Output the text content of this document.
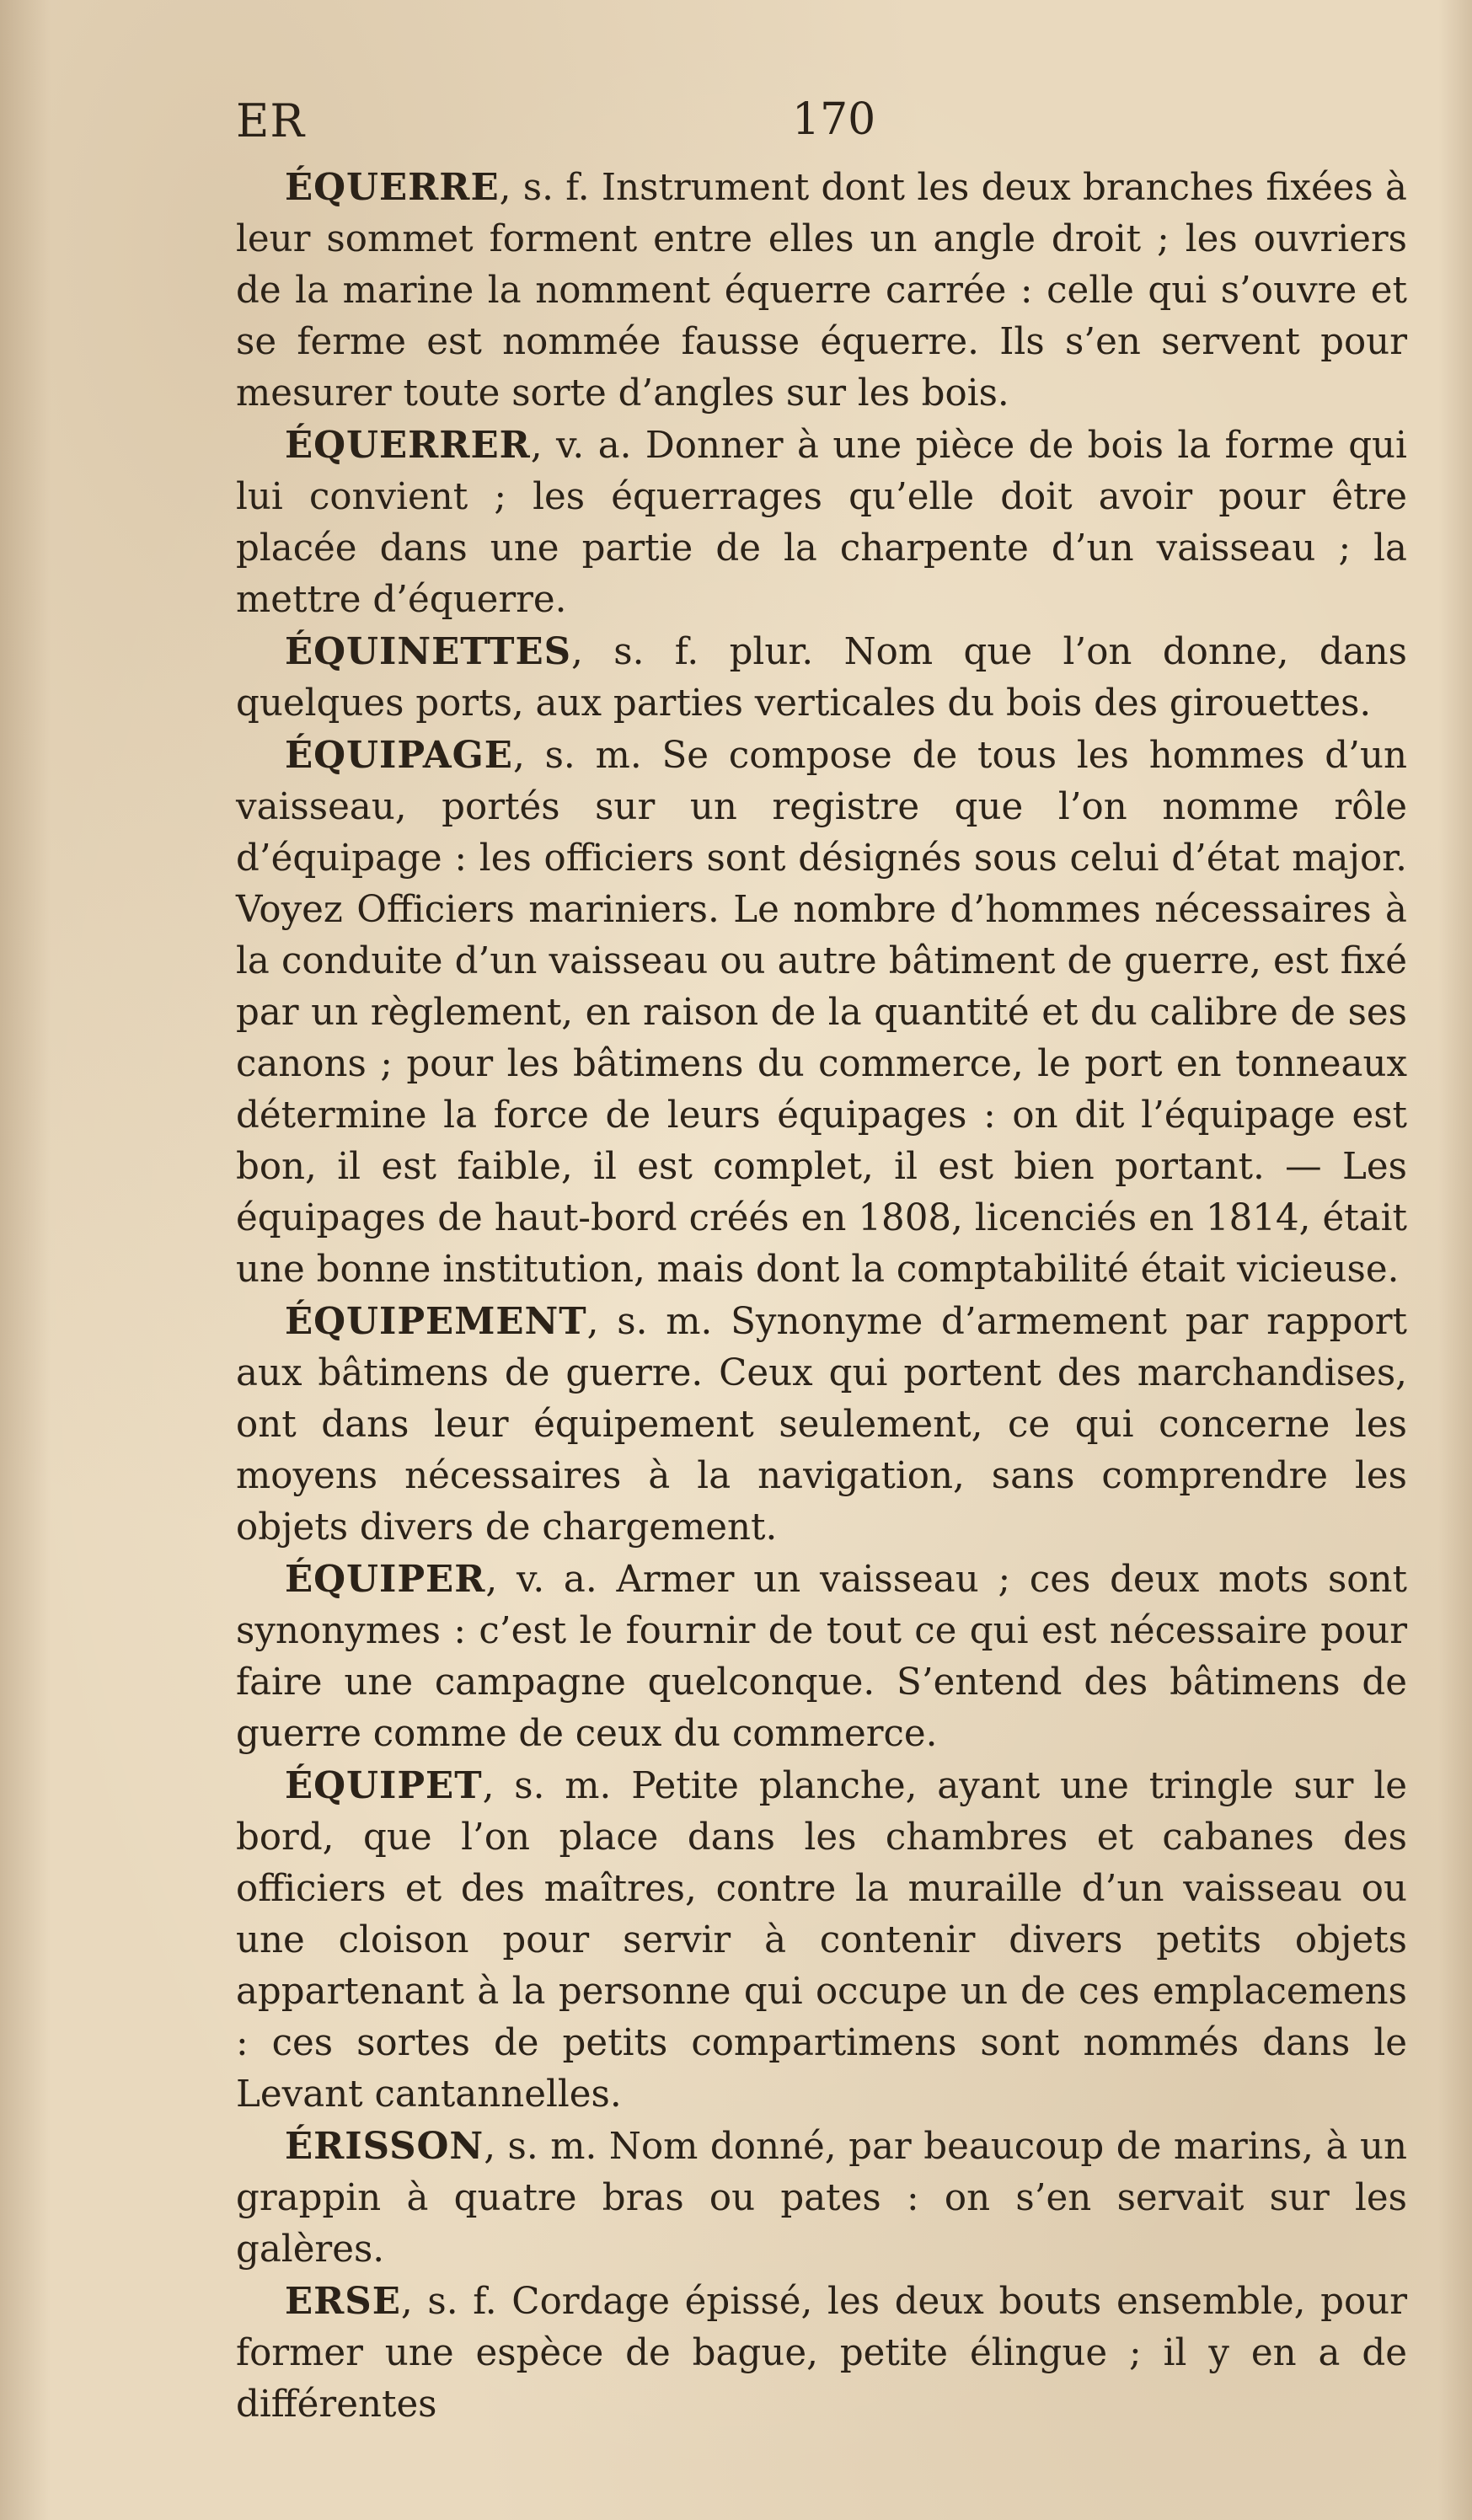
ER	170

ÉQUERRE, s. f. Instrument dont les deux branches fixées à leur sommet forment entre elles un angle droit ; les ouvriers de la marine la nomment équerre carrée : celle qui s’ouvre et se ferme est nommée fausse équerre. Ils s’en servent pour mesurer toute sorte d’angles sur les bois.

ÉQUERRER, v. a. Donner à une pièce de bois la forme qui lui convient ; les équerrages qu’elle doit avoir pour être placée dans une partie de la charpente d’un vaisseau ; la mettre d’équerre.

ÉQUINETTES, s. f. plur. Nom que l’on donne, dans quelques ports, aux parties verticales du bois des girouettes.

ÉQUIPAGE, s. m. Se compose de tous les hommes d’un vaisseau, portés sur un registre que l’on nomme rôle d’équipage : les officiers sont désignés sous celui d’état major. Voyez Officiers mariniers. Le nombre d’hommes nécessaires à la conduite d’un vaisseau ou autre bâtiment de guerre, est fixé par un règlement, en raison de la quantité et du calibre de ses canons ; pour les bâtimens du commerce, le port en tonneaux détermine la force de leurs équipages : on dit l’équipage est bon, il est faible, il est complet, il est bien portant. — Les équipages de haut-bord créés en 1808, licenciés en 1814, était une bonne institution, mais dont la comptabilité était vicieuse.

ÉQUIPEMENT, s. m. Synonyme d’armement par rapport aux bâtimens de guerre. Ceux qui portent des marchandises, ont dans leur équipement seulement, ce qui concerne les moyens nécessaires à la navigation, sans comprendre les objets divers de chargement.

ÉQUIPER, v. a. Armer un vaisseau ; ces deux mots sont synonymes : c’est le fournir de tout ce qui est nécessaire pour faire une campagne quelconque. S’entend des bâtimens de guerre comme de ceux du commerce.

ÉQUIPET, s. m. Petite planche, ayant une tringle sur le bord, que l’on place dans les chambres et cabanes des officiers et des maîtres, contre la muraille d’un vaisseau ou une cloison pour servir à contenir divers petits objets appartenant à la personne qui occupe un de ces emplacemens : ces sortes de petits compartimens sont nommés dans le Levant cantannelles.

ÉRISSON, s. m. Nom donné, par beaucoup de marins, à un grappin à quatre bras ou pates : on s’en servait sur les galères.

ERSE, s. f. Cordage épissé, les deux bouts ensemble, pour former une espèce de bague, petite élingue ; il y en a de différentes
